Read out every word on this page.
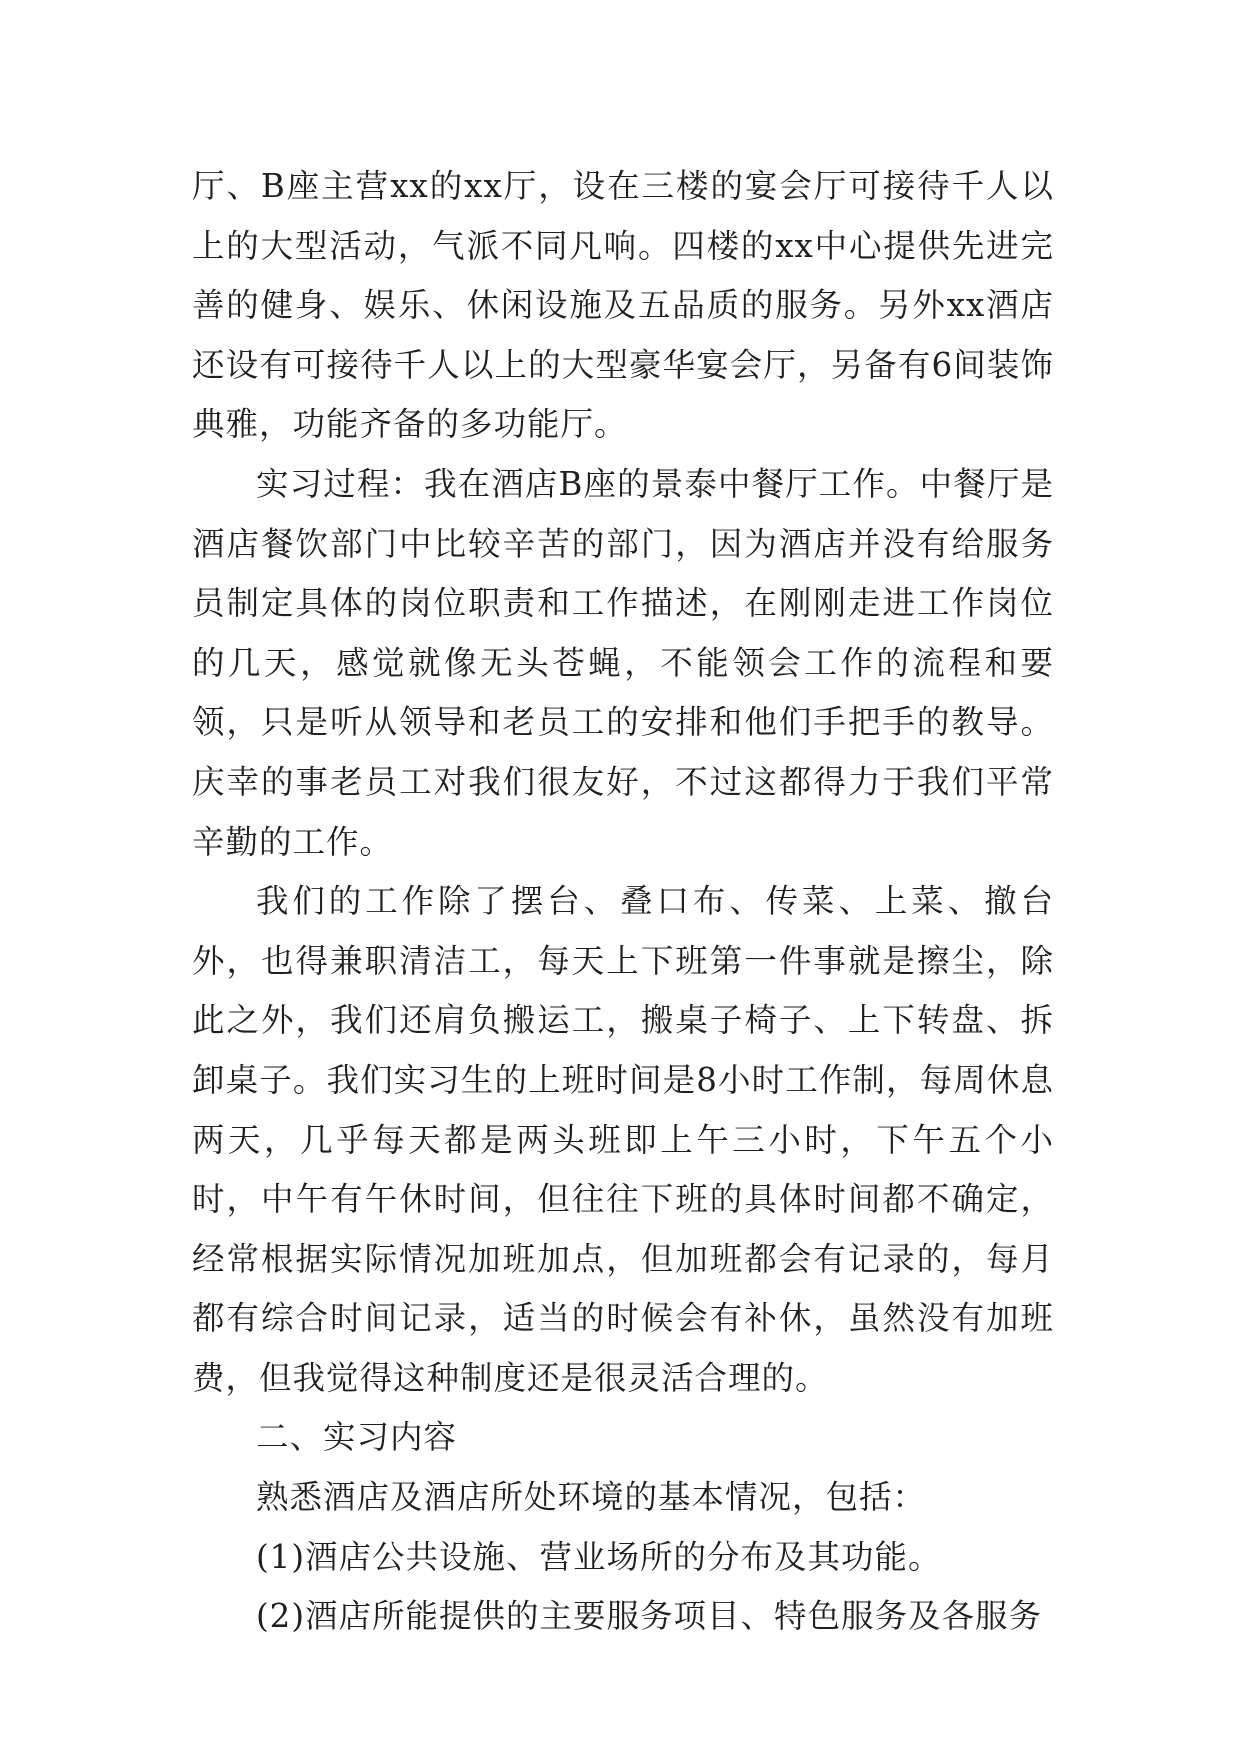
厅、B座主营xx的xx厅，设在三楼的宴会厅可接待千人以上的大型活动，气派不同凡响。四楼的xx中心提供先进完善的健身、娱乐、休闲设施及五品质的服务。另外xx酒店还设有可接待千人以上的大型豪华宴会厅，另备有6间装饰典雅，功能齐备的多功能厅。

实习过程：我在酒店B座的景泰中餐厅工作。中餐厅是酒店餐饮部门中比较辛苦的部门，因为酒店并没有给服务员制定具体的岗位职责和工作描述，在刚刚走进工作岗位的几天，感觉就像无头苍蝇，不能领会工作的流程和要领，只是听从领导和老员工的安排和他们手把手的教导。庆幸的事老员工对我们很友好，不过这都得力于我们平常辛勤的工作。

我们的工作除了摆台、叠口布、传菜、上菜、撤台外，也得兼职清洁工，每天上下班第一件事就是擦尘，除此之外，我们还肩负搬运工，搬桌子椅子、上下转盘、拆卸桌子。我们实习生的上班时间是8小时工作制，每周休息两天，几乎每天都是两头班即上午三小时，下午五个小时，中午有午休时间，但往往下班的具体时间都不确定，经常根据实际情况加班加点，但加班都会有记录的，每月都有综合时间记录，适当的时候会有补休，虽然没有加班费，但我觉得这种制度还是很灵活合理的。

二、实习内容

熟悉酒店及酒店所处环境的基本情况，包括：

(1)酒店公共设施、营业场所的分布及其功能。

(2)酒店所能提供的主要服务项目、特色服务及各服务
